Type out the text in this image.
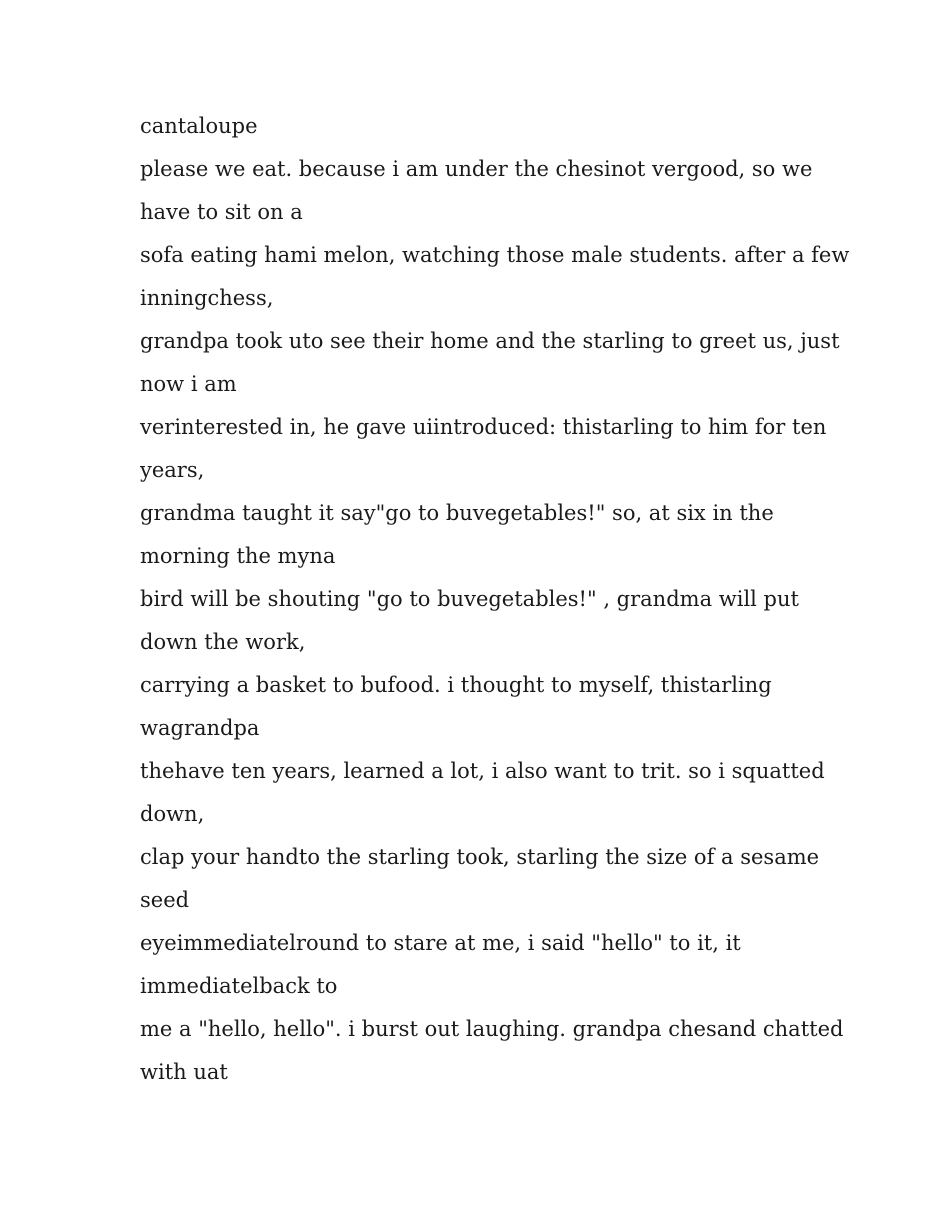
cantaloupe

please we eat. because i am under the chesinot vergood, so we

have to sit on a

sofa eating hami melon, watching those male students. after a few

inningchess,

grandpa took uto see their home and the starling to greet us, just

now i am

verinterested in, he gave uiintroduced: thistarling to him for ten

years,

grandma taught it say"go to buvegetables!" so, at six in the

morning the myna

bird will be shouting "go to buvegetables!" , grandma will put

down the work,

carrying a basket to bufood. i thought to myself, thistarling

wagrandpa

thehave ten years, learned a lot, i also want to trit. so i squatted

down,

clap your handto the starling took, starling the size of a sesame

seed

eyeimmediatelround to stare at me, i said "hello" to it, it

immediatelback to

me a "hello, hello". i burst out laughing. grandpa chesand chatted

with uat
